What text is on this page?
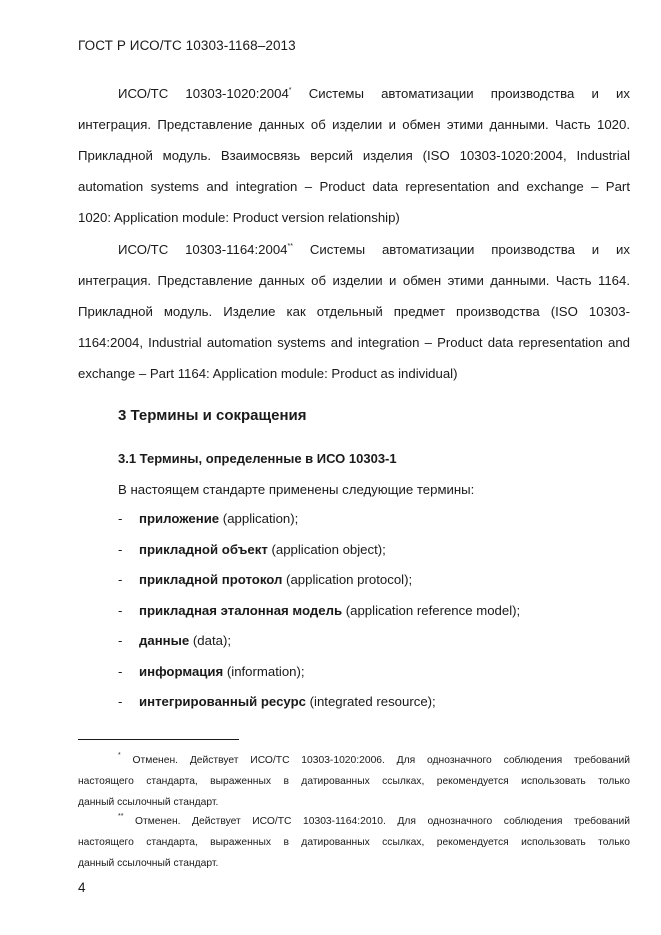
ГОСТ Р ИСО/ТС 10303-1168–2013
ИСО/ТС 10303-1020:2004* Системы автоматизации производства и их
интеграция. Представление данных об изделии и обмен этими данными. Часть 1020.
Прикладной модуль. Взаимосвязь версий изделия (ISO 10303-1020:2004, Industrial
automation systems and integration – Product data representation and exchange – Part
1020: Application module: Product version relationship)
ИСО/ТС 10303-1164:2004** Системы автоматизации производства и их
интеграция. Представление данных об изделии и обмен этими данными. Часть 1164.
Прикладной модуль. Изделие как отдельный предмет производства (ISO 10303-
1164:2004, Industrial automation systems and integration – Product data representation and
exchange – Part 1164: Application module: Product as individual)
3 Термины и сокращения
3.1 Термины, определенные в ИСО 10303-1
В настоящем стандарте применены следующие термины:
- приложение (application);
- прикладной объект (application object);
- прикладной протокол (application protocol);
- прикладная эталонная модель (application reference model);
- данные (data);
- информация (information);
- интегрированный ресурс (integrated resource);
* Отменен. Действует ИСО/ТС 10303-1020:2006. Для однозначного соблюдения требований
настоящего стандарта, выраженных в датированных ссылках, рекомендуется использовать только
данный ссылочный стандарт.
** Отменен. Действует ИСО/ТС 10303-1164:2010. Для однозначного соблюдения требований
настоящего стандарта, выраженных в датированных ссылках, рекомендуется использовать только
данный ссылочный стандарт.
4
